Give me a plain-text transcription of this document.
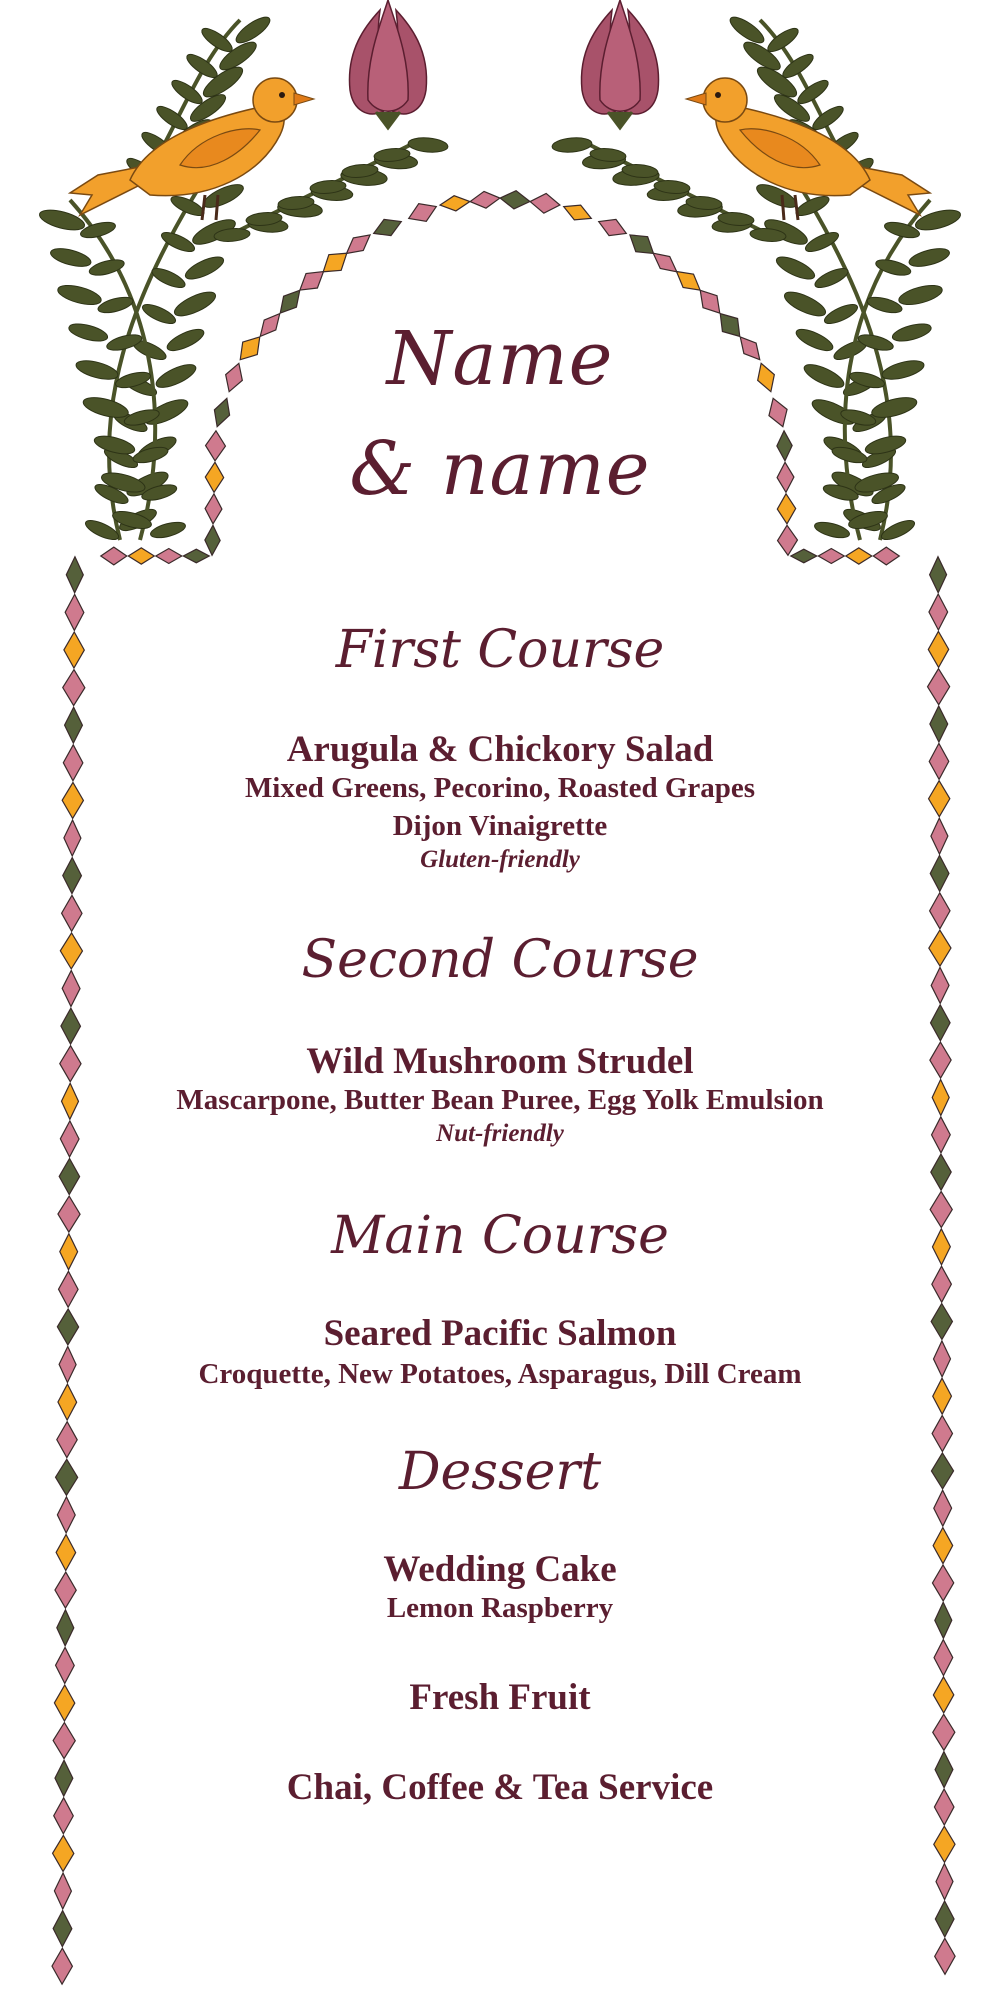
Name
& name
First Course
Arugula & Chickory Salad
Mixed Greens, Pecorino, Roasted Grapes
Dijon Vinaigrette
Gluten-friendly
Second Course
Wild Mushroom Strudel
Mascarpone, Butter Bean Puree, Egg Yolk Emulsion
Nut-friendly
Main Course
Seared Pacific Salmon
Croquette, New Potatoes, Asparagus, Dill Cream
Dessert
Wedding Cake
Lemon Raspberry
Fresh Fruit
Chai, Coffee & Tea Service
